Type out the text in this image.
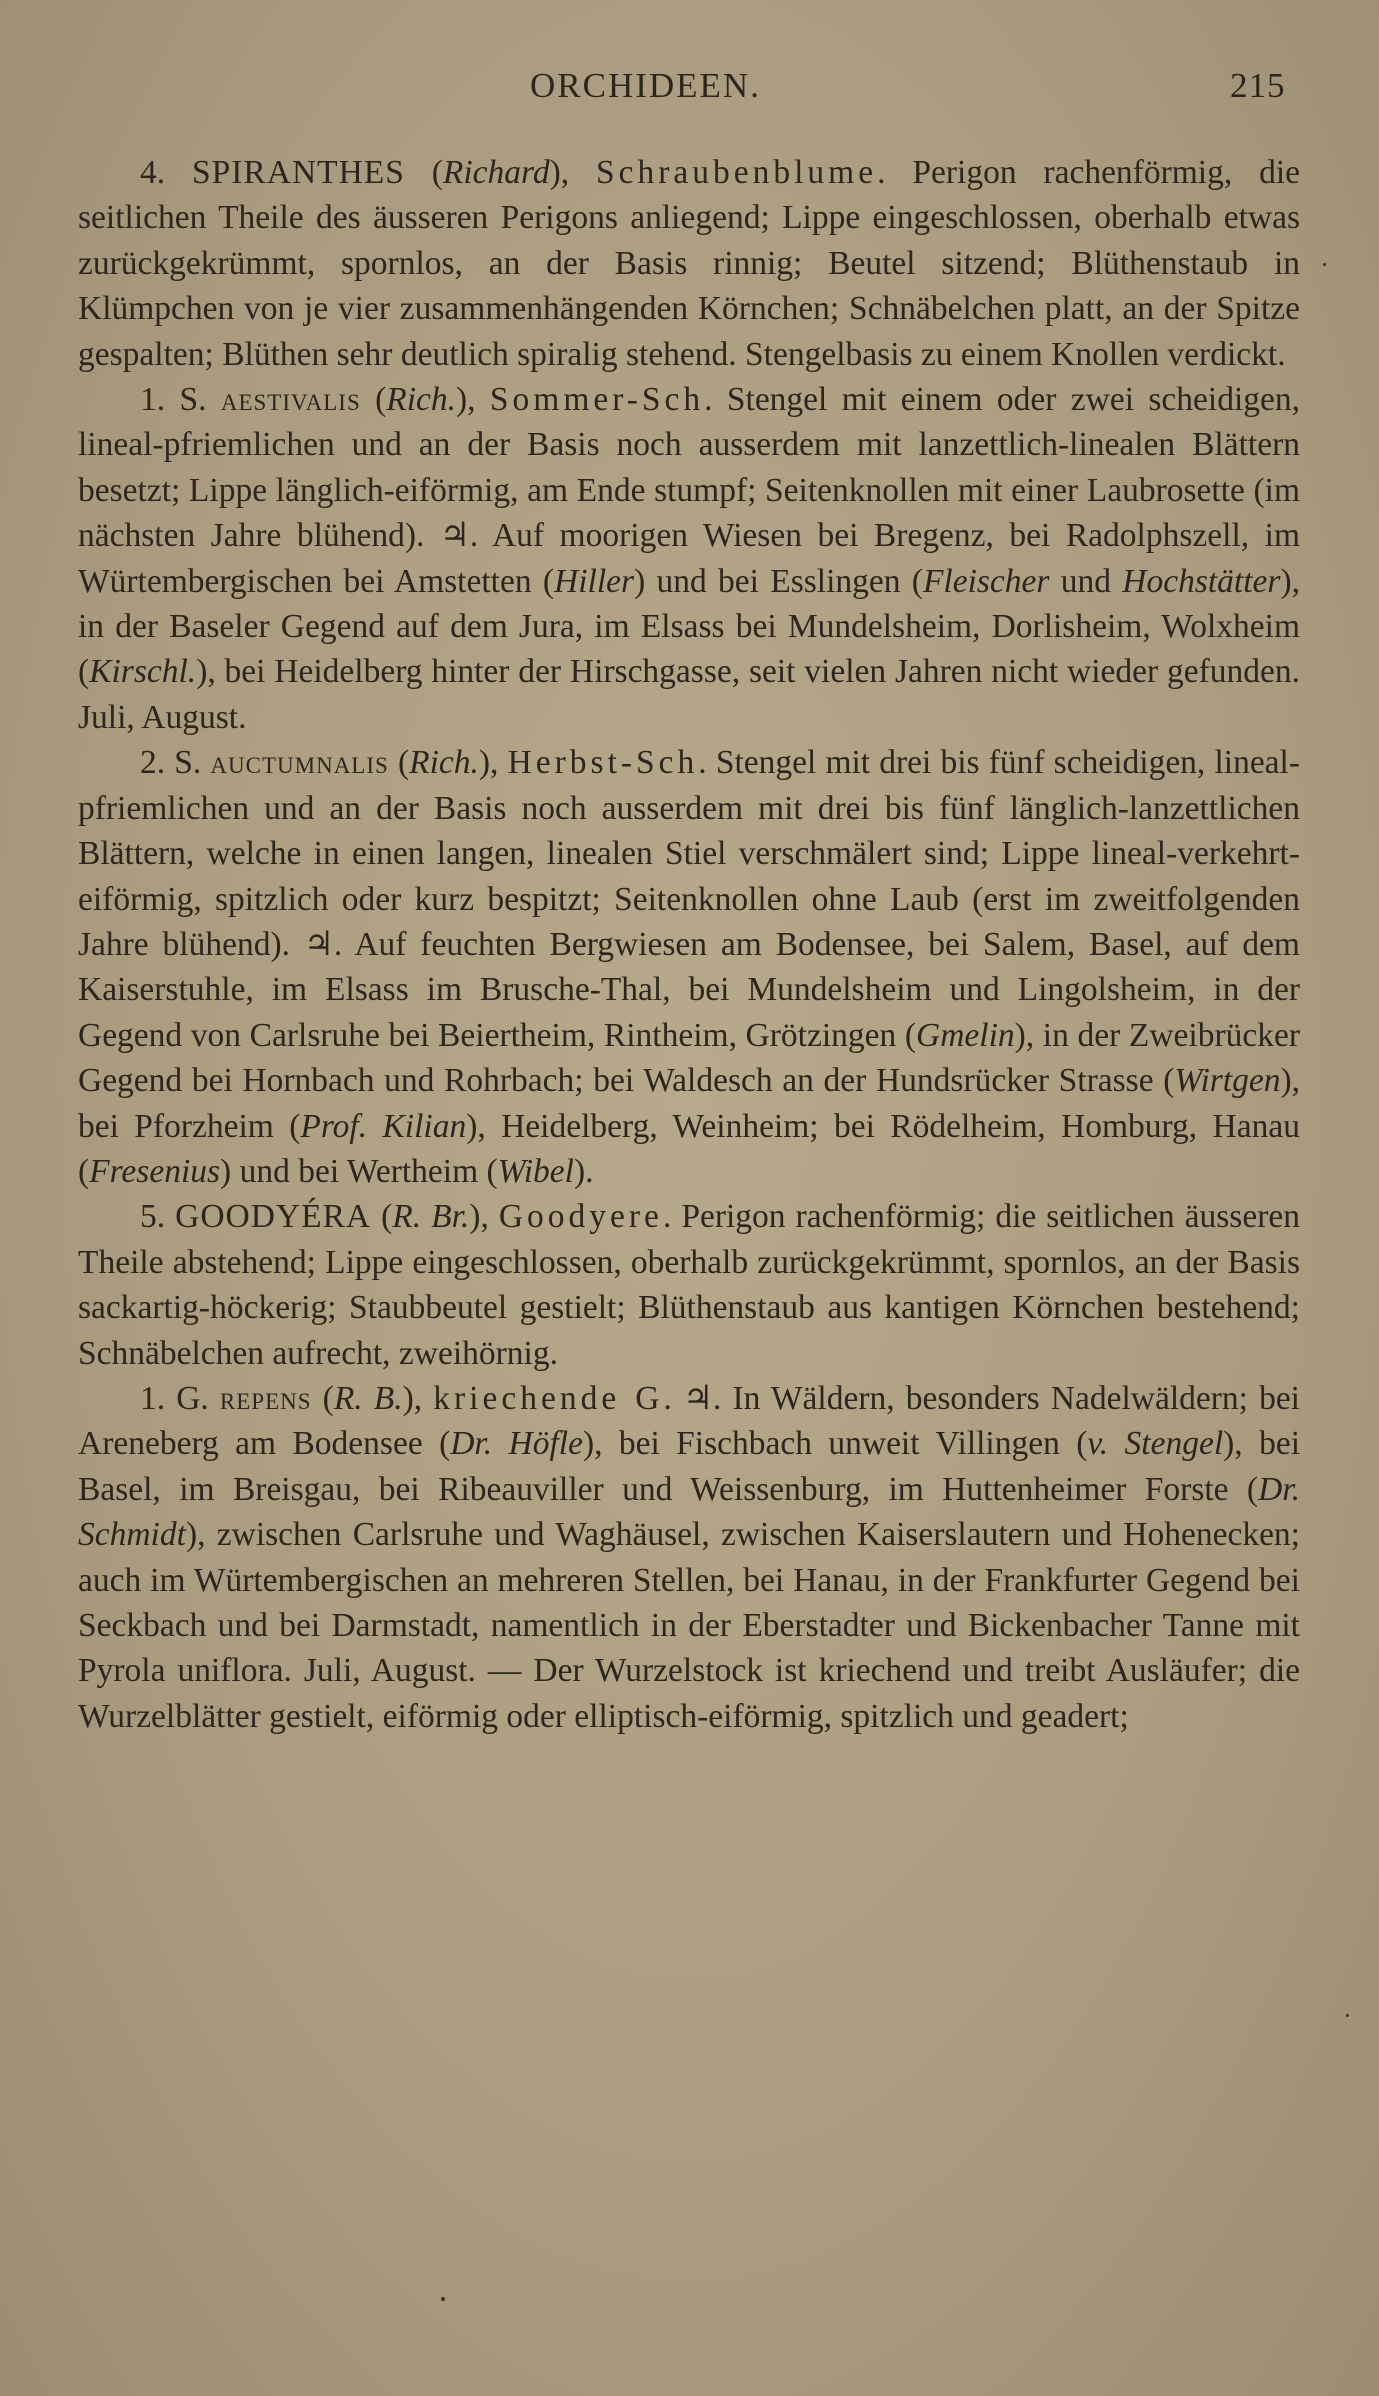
ORCHIDEEN.	215

4. SPIRANTHES (Richard), Schraubenblume. Perigon rachenförmig, die seitlichen Theile des äusseren Perigons anliegend; Lippe eingeschlossen, oberhalb etwas zurückgekrümmt, spornlos, an der Basis rinnig; Beutel sitzend; Blüthenstaub in Klümpchen von je vier zusammenhängenden Körnchen; Schnäbelchen platt, an der Spitze gespalten; Blüthen sehr deutlich spiralig stehend. Stengelbasis zu einem Knollen verdickt.

1. S. aestivalis (Rich.), Sommer-Sch. Stengel mit einem oder zwei scheidigen, lineal-pfriemlichen und an der Basis noch ausserdem mit lanzettlich-linealen Blättern besetzt; Lippe länglich-eiförmig, am Ende stumpf; Seitenknollen mit einer Laubrosette (im nächsten Jahre blühend). ♃. Auf moorigen Wiesen bei Bregenz, bei Radolphszell, im Würtembergischen bei Amstetten (Hiller) und bei Esslingen (Fleischer und Hochstätter), in der Baseler Gegend auf dem Jura, im Elsass bei Mundelsheim, Dorlisheim, Wolxheim (Kirschl.), bei Heidelberg hinter der Hirschgasse, seit vielen Jahren nicht wieder gefunden. Juli, August.

2. S. auctumnalis (Rich.), Herbst-Sch. Stengel mit drei bis fünf scheidigen, lineal-pfriemlichen und an der Basis noch ausserdem mit drei bis fünf länglich-lanzettlichen Blättern, welche in einen langen, linealen Stiel verschmälert sind; Lippe lineal-verkehrt-eiförmig, spitzlich oder kurz bespitzt; Seitenknollen ohne Laub (erst im zweitfolgenden Jahre blühend). ♃. Auf feuchten Bergwiesen am Bodensee, bei Salem, Basel, auf dem Kaiserstuhle, im Elsass im Brusche-Thal, bei Mundelsheim und Lingolsheim, in der Gegend von Carlsruhe bei Beiertheim, Rintheim, Grötzingen (Gmelin), in der Zweibrücker Gegend bei Hornbach und Rohrbach; bei Waldesch an der Hundsrücker Strasse (Wirtgen), bei Pforzheim (Prof. Kilian), Heidelberg, Weinheim; bei Rödelheim, Homburg, Hanau (Fresenius) und bei Wertheim (Wibel).

5. GOODYÉRA (R. Br.), Goodyere. Perigon rachenförmig; die seitlichen äusseren Theile abstehend; Lippe eingeschlossen, oberhalb zurückgekrümmt, spornlos, an der Basis sackartig-höckerig; Staubbeutel gestielt; Blüthenstaub aus kantigen Körnchen bestehend; Schnäbelchen aufrecht, zweihörnig.

1. G. repens (R. B.), kriechende G. ♃. In Wäldern, besonders Nadelwäldern; bei Areneberg am Bodensee (Dr. Höfle), bei Fischbach unweit Villingen (v. Stengel), bei Basel, im Breisgau, bei Ribeauviller und Weissenburg, im Huttenheimer Forste (Dr. Schmidt), zwischen Carlsruhe und Waghäusel, zwischen Kaiserslautern und Hohenecken; auch im Würtembergischen an mehreren Stellen, bei Hanau, in der Frankfurter Gegend bei Seckbach und bei Darmstadt, namentlich in der Eberstadter und Bickenbacher Tanne mit Pyrola uniflora. Juli, August. — Der Wurzelstock ist kriechend und treibt Ausläufer; die Wurzelblätter gestielt, eiförmig oder elliptisch-eiförmig, spitzlich und geadert;
